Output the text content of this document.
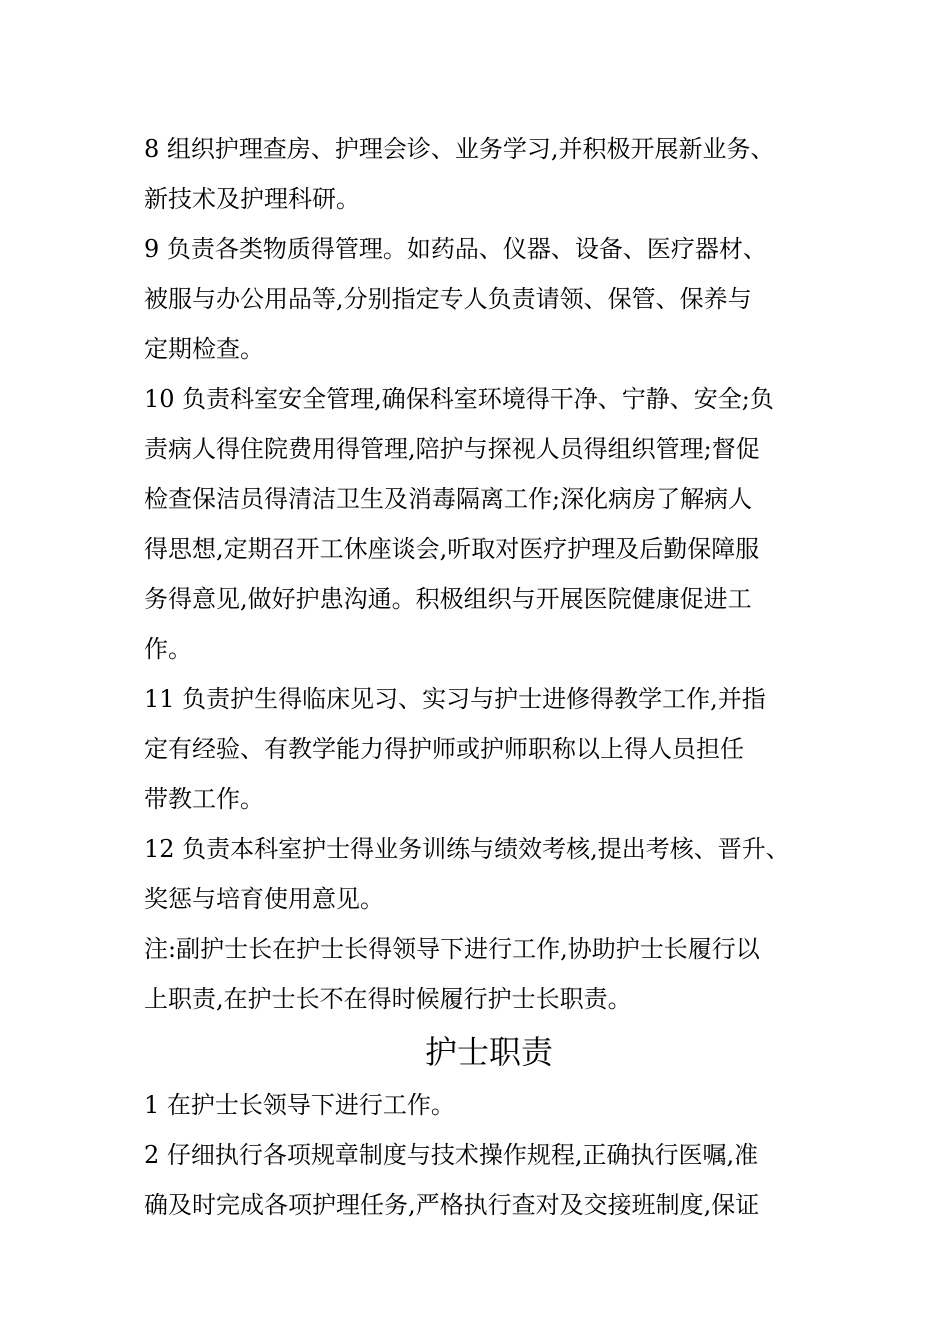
8 组织护理查房、护理会诊、业务学习,并积极开展新业务、
新技术及护理科研。
9 负责各类物质得管理。如药品、仪器、设备、医疗器材、
被服与办公用品等,分别指定专人负责请领、保管、保养与
定期检查。
10 负责科室安全管理,确保科室环境得干净、宁静、安全;负
责病人得住院费用得管理,陪护与探视人员得组织管理;督促
检查保洁员得清洁卫生及消毒隔离工作;深化病房了解病人
得思想,定期召开工休座谈会,听取对医疗护理及后勤保障服
务得意见,做好护患沟通。积极组织与开展医院健康促进工
作。
11 负责护生得临床见习、实习与护士进修得教学工作,并指
定有经验、有教学能力得护师或护师职称以上得人员担任
带教工作。
12 负责本科室护士得业务训练与绩效考核,提出考核、晋升、
奖惩与培育使用意见。
注:副护士长在护士长得领导下进行工作,协助护士长履行以
上职责,在护士长不在得时候履行护士长职责。
护士职责
1 在护士长领导下进行工作。
2 仔细执行各项规章制度与技术操作规程,正确执行医嘱,准
确及时完成各项护理任务,严格执行查对及交接班制度,保证
